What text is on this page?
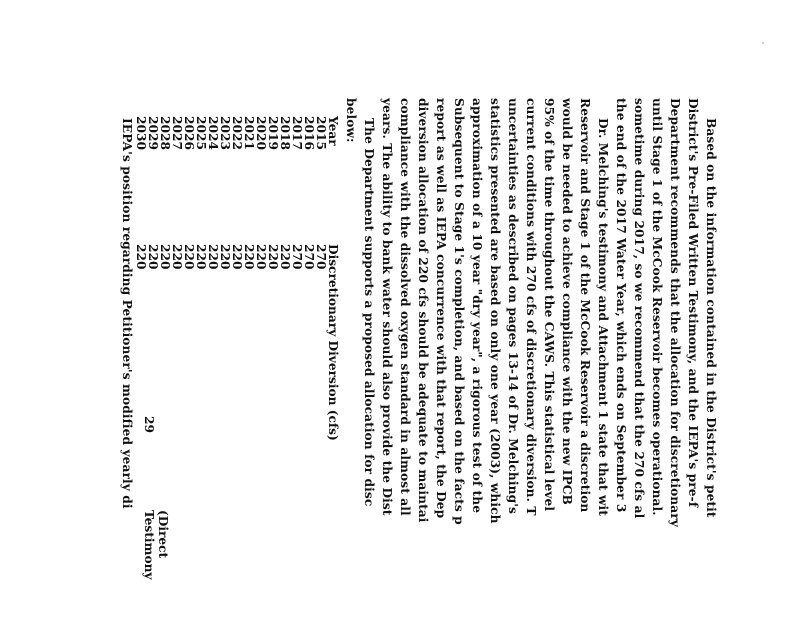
Based on the information contained in the District's petit
District's Pre-Filed Written Testimony, and the IEPA's pre-f
Department recommends that the allocation for discretionary
until Stage 1 of the McCook Reservoir becomes operational.
sometime during 2017, so we recommend that the 270 cfs al
the end of the 2017 Water Year, which ends on September 3
Dr. Melching's testimony and Attachment 1 state that wit
Reservoir and Stage 1 of the McCook Reservoir a discretion
would be needed to achieve compliance with the new IPCB
95% of the time throughout the CAWS. This statistical level
current conditions with 270 cfs of discretionary diversion. T
uncertainties as described on pages 13-14 of Dr. Melching's
statistics presented are based on only one year (2003), which
approximation of a 10 year "dry year", a rigorous test of the
Subsequent to Stage 1's completion, and based on the facts p
report as well as IEPA concurrence with that report, the Dep
diversion allocation of 220 cfs should be adequate to maintai
compliance with the dissolved oxygen standard in almost all
years. The ability to bank water should also provide the Dist
The Department supports a proposed allocation for disc
below:
Year
Discretionary Diversion (cfs)
2015
270
2016
270
2017
270
2018
220
2019
220
2020
220
2021
220
2022
220
2023
220
2024
220
2025
220
2026
220
2027
220
2028
220
2029
220
2030
220
(Direct Testimony
29
IEPA's position regarding Petitioner's modified yearly di
